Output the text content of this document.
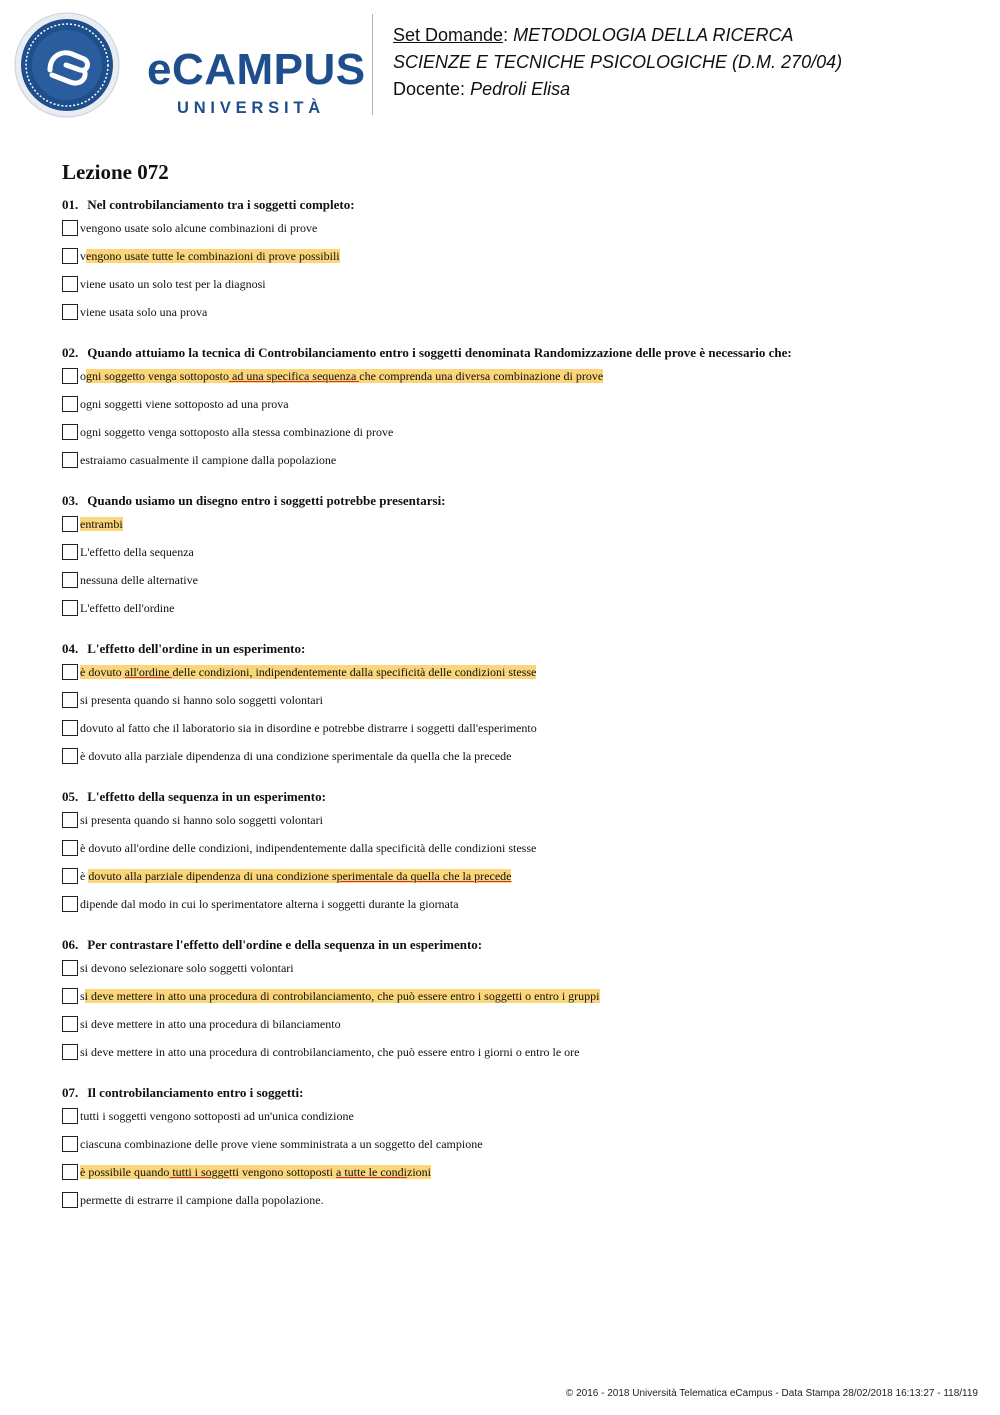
eCAMPUS
UNIVERSITÀ
Set Domande: METODOLOGIA DELLA RICERCA
SCIENZE E TECNICHE PSICOLOGICHE (D.M. 270/04)
Docente: Pedroli Elisa
Lezione 072
01. Nel controbilanciamento tra i soggetti completo:
vengono usate solo alcune combinazioni di prove
vengono usate tutte le combinazioni di prove possibili
viene usato un solo test per la diagnosi
viene usata solo una prova
02. Quando attuiamo la tecnica di Controbilanciamento entro i soggetti denominata Randomizzazione delle prove è necessario che:
ogni soggetto venga sottoposto ad una specifica sequenza che comprenda una diversa combinazione di prove
ogni soggetti viene sottoposto ad una prova
ogni soggetto venga sottoposto alla stessa combinazione di prove
estraiamo casualmente il campione dalla popolazione
03. Quando usiamo un disegno entro i soggetti potrebbe presentarsi:
entrambi
L'effetto della sequenza
nessuna delle alternative
L'effetto dell'ordine
04. L'effetto dell'ordine in un esperimento:
è dovuto all'ordine delle condizioni, indipendentemente dalla specificità delle condizioni stesse
si presenta quando si hanno solo soggetti volontari
dovuto al fatto che il laboratorio sia in disordine e potrebbe distrarre i soggetti dall'esperimento
è dovuto alla parziale dipendenza di una condizione sperimentale da quella che la precede
05. L'effetto della sequenza in un esperimento:
si presenta quando si hanno solo soggetti volontari
è dovuto all'ordine delle condizioni, indipendentemente dalla specificità delle condizioni stesse
è dovuto alla parziale dipendenza di una condizione sperimentale da quella che la precede
dipende dal modo in cui lo sperimentatore alterna i soggetti durante la giornata
06. Per contrastare l'effetto dell'ordine e della sequenza in un esperimento:
si devono selezionare solo soggetti volontari
si deve mettere in atto una procedura di controbilanciamento, che può essere entro i soggetti o entro i gruppi
si deve mettere in atto una procedura di bilanciamento
si deve mettere in atto una procedura di controbilanciamento, che può essere entro i giorni o entro le ore
07. Il controbilanciamento entro i soggetti:
tutti i soggetti vengono sottoposti ad un'unica condizione
ciascuna combinazione delle prove viene somministrata a un soggetto del campione
è possibile quando tutti i soggetti vengono sottoposti a tutte le condizioni
permette di estrarre il campione dalla popolazione.
© 2016 - 2018 Università Telematica eCampus - Data Stampa 28/02/2018 16:13:27 - 118/119
